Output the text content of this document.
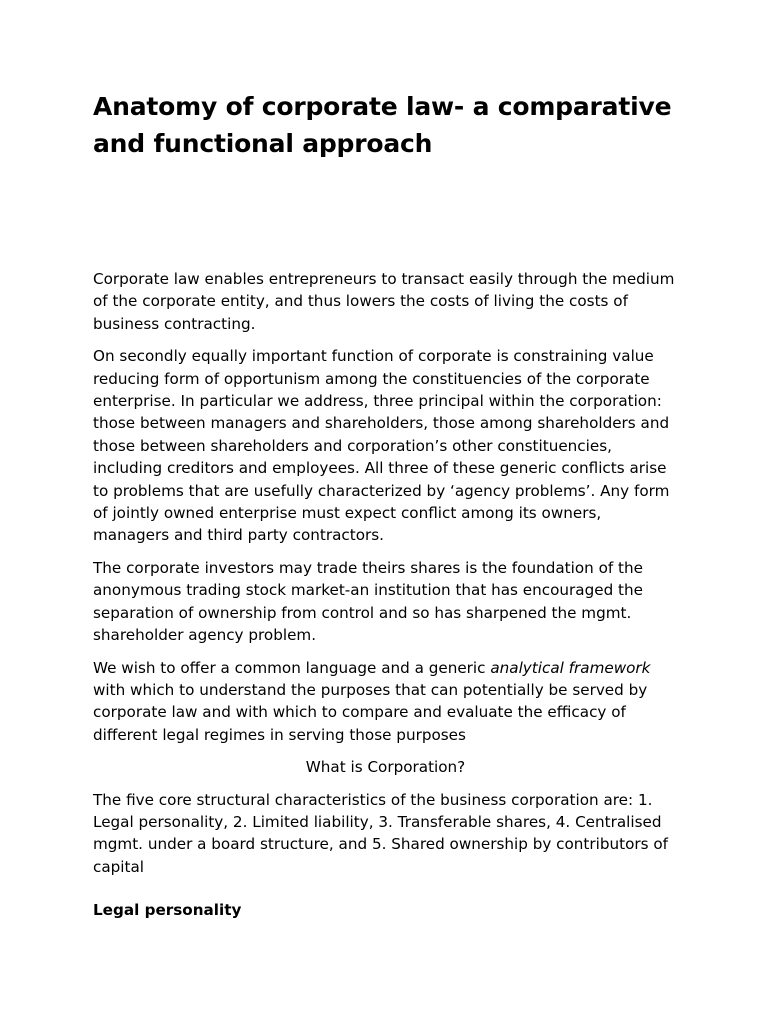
Anatomy of corporate law- a comparative and functional approach

Corporate law enables entrepreneurs to transact easily through the medium of the corporate entity, and thus lowers the costs of living the costs of business contracting.

On secondly equally important function of corporate is constraining value reducing form of opportunism among the constituencies of the corporate enterprise. In particular we address, three principal within the corporation: those between managers and shareholders, those among shareholders and those between shareholders and corporation’s other constituencies, including creditors and employees. All three of these generic conflicts arise to problems that are usefully characterized by ‘agency problems’. Any form of jointly owned enterprise must expect conflict among its owners, managers and third party contractors.

The corporate investors may trade theirs shares is the foundation of the anonymous trading stock market-an institution that has encouraged the separation of ownership from control and so has sharpened the mgmt. shareholder agency problem.

We wish to offer a common language and a generic analytical framework with which to understand the purposes that can potentially be served by corporate law and with which to compare and evaluate the efficacy of different legal regimes in serving those purposes

What is Corporation?

The five core structural characteristics of the business corporation are: 1. Legal personality, 2. Limited liability, 3. Transferable shares, 4. Centralised mgmt. under a board structure, and 5. Shared ownership by contributors of capital

Legal personality
